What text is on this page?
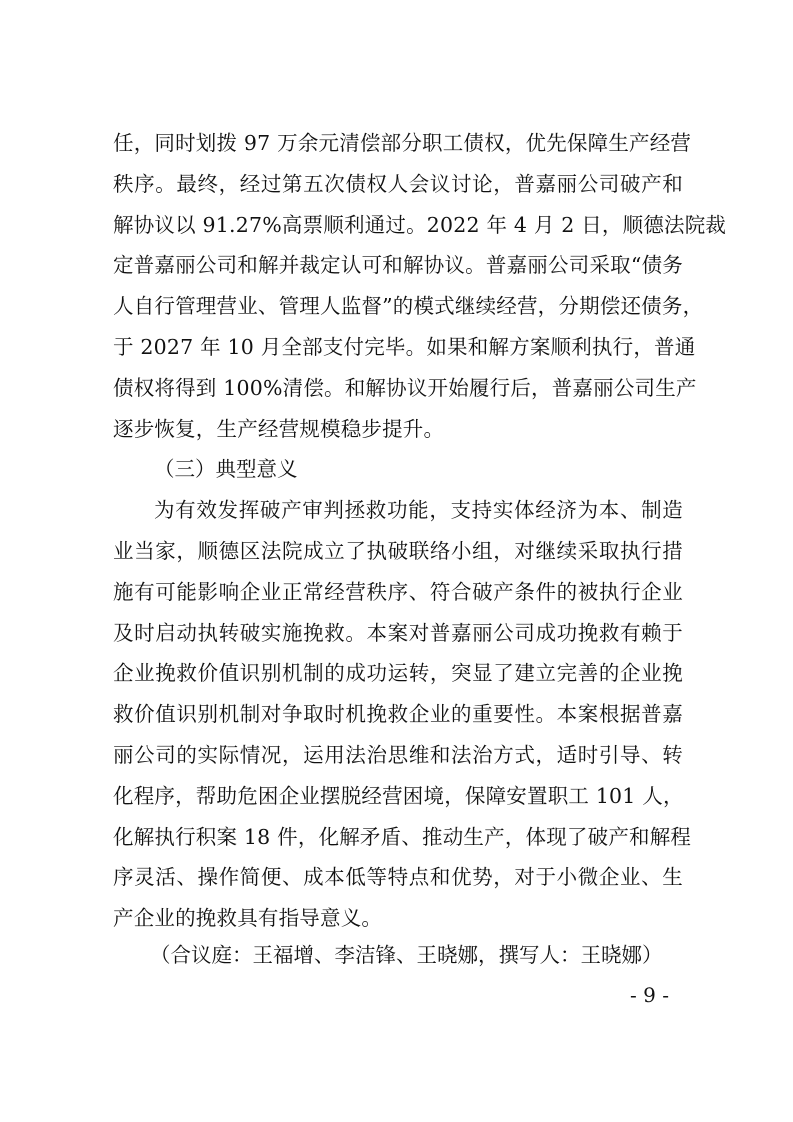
任，同时划拨 97 万余元清偿部分职工债权，优先保障生产经营
秩序。最终，经过第五次债权人会议讨论，普嘉丽公司破产和
解协议以 91.27%高票顺利通过。2022 年 4 月 2 日，顺德法院裁
定普嘉丽公司和解并裁定认可和解协议。普嘉丽公司采取“债务
人自行管理营业、管理人监督”的模式继续经营，分期偿还债务，
于 2027 年 10 月全部支付完毕。如果和解方案顺利执行，普通
债权将得到 100%清偿。和解协议开始履行后，普嘉丽公司生产
逐步恢复，生产经营规模稳步提升。
（三）典型意义
为有效发挥破产审判拯救功能，支持实体经济为本、制造
业当家，顺德区法院成立了执破联络小组，对继续采取执行措
施有可能影响企业正常经营秩序、符合破产条件的被执行企业
及时启动执转破实施挽救。本案对普嘉丽公司成功挽救有赖于
企业挽救价值识别机制的成功运转，突显了建立完善的企业挽
救价值识别机制对争取时机挽救企业的重要性。本案根据普嘉
丽公司的实际情况，运用法治思维和法治方式，适时引导、转
化程序，帮助危困企业摆脱经营困境，保障安置职工 101 人，
化解执行积案 18 件，化解矛盾、推动生产，体现了破产和解程
序灵活、操作简便、成本低等特点和优势，对于小微企业、生
产企业的挽救具有指导意义。
（合议庭：王福增、李洁锋、王晓娜，撰写人：王晓娜）
- 9 -
